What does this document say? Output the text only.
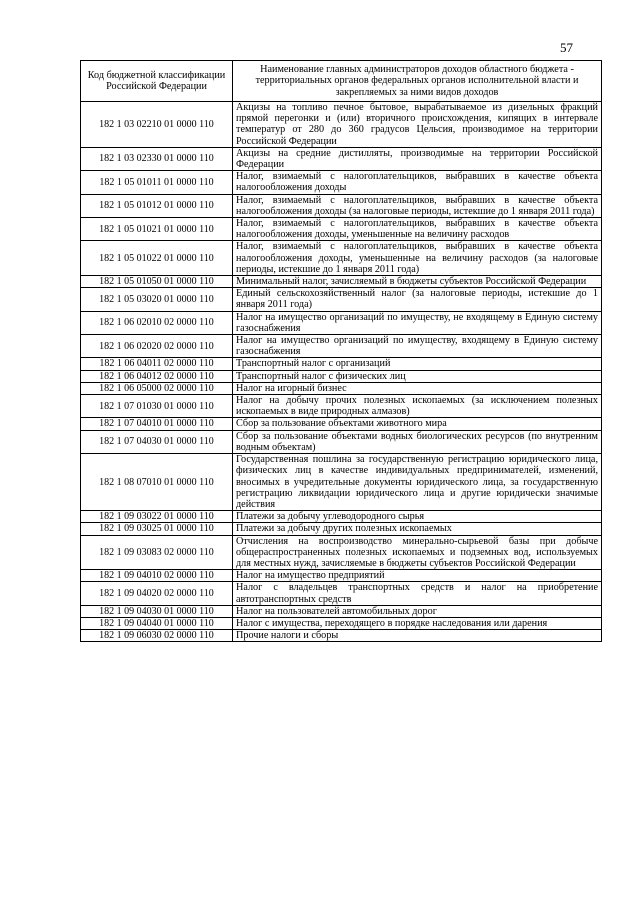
57
Код бюджетной классификации Российской Федерации	Наименование главных администраторов доходов областного бюджета - территориальных органов федеральных органов исполнительной власти и закрепляемых за ними видов доходов
182 1 03 02210 01 0000 110	Акцизы на топливо печное бытовое, вырабатываемое из дизельных фракций прямой перегонки и (или) вторичного происхождения, кипящих в интервале температур от 280 до 360 градусов Цельсия, производимое на территории Российской Федерации
182 1 03 02330 01 0000 110	Акцизы на средние дистилляты, производимые на территории Российской Федерации
182 1 05 01011 01 0000 110	Налог, взимаемый с налогоплательщиков, выбравших в качестве объекта налогообложения доходы
182 1 05 01012 01 0000 110	Налог, взимаемый с налогоплательщиков, выбравших в качестве объекта налогообложения доходы (за налоговые периоды, истекшие до 1 января 2011 года)
182 1 05 01021 01 0000 110	Налог, взимаемый с налогоплательщиков, выбравших в качестве объекта налогообложения доходы, уменьшенные на величину расходов
182 1 05 01022 01 0000 110	Налог, взимаемый с налогоплательщиков, выбравших в качестве объекта налогообложения доходы, уменьшенные на величину расходов (за налоговые периоды, истекшие до 1 января 2011 года)
182 1 05 01050 01 0000 110	Минимальный налог, зачисляемый в бюджеты субъектов Российской Федерации
182 1 05 03020 01 0000 110	Единый сельскохозяйственный налог (за налоговые периоды, истекшие до 1 января 2011 года)
182 1 06 02010 02 0000 110	Налог на имущество организаций по имуществу, не входящему в Единую систему газоснабжения
182 1 06 02020 02 0000 110	Налог на имущество организаций по имуществу, входящему в Единую систему газоснабжения
182 1 06 04011 02 0000 110	Транспортный налог с организаций
182 1 06 04012 02 0000 110	Транспортный налог с физических лиц
182 1 06 05000 02 0000 110	Налог на игорный бизнес
182 1 07 01030 01 0000 110	Налог на добычу прочих полезных ископаемых (за исключением полезных ископаемых в виде природных алмазов)
182 1 07 04010 01 0000 110	Сбор за пользование объектами животного мира
182 1 07 04030 01 0000 110	Сбор за пользование объектами водных биологических ресурсов (по внутренним водным объектам)
182 1 08 07010 01 0000 110	Государственная пошлина за государственную регистрацию юридического лица, физических лиц в качестве индивидуальных предпринимателей, изменений, вносимых в учредительные документы юридического лица, за государственную регистрацию ликвидации юридического лица и другие юридически значимые действия
182 1 09 03022 01 0000 110	Платежи за добычу углеводородного сырья
182 1 09 03025 01 0000 110	Платежи за добычу других полезных ископаемых
182 1 09 03083 02 0000 110	Отчисления на воспроизводство минерально-сырьевой базы при добыче общераспространенных полезных ископаемых и подземных вод, используемых для местных нужд, зачисляемые в бюджеты субъектов Российской Федерации
182 1 09 04010 02 0000 110	Налог на имущество предприятий
182 1 09 04020 02 0000 110	Налог с владельцев транспортных средств и налог на приобретение автотранспортных средств
182 1 09 04030 01 0000 110	Налог на пользователей автомобильных дорог
182 1 09 04040 01 0000 110	Налог с имущества, переходящего в порядке наследования или дарения
182 1 09 06030 02 0000 110	Прочие налоги и сборы
